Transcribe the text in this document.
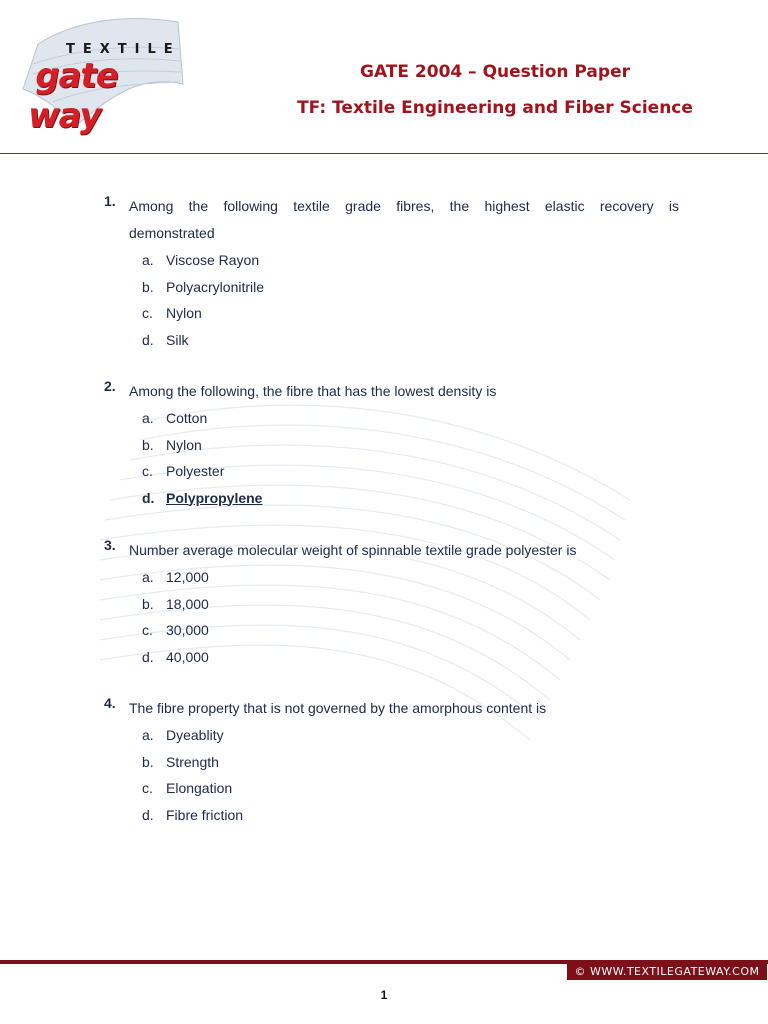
TEXTILE
gate way
GATE 2004 – Question Paper
TF: Textile Engineering and Fiber Science
1. Among the following textile grade fibres, the highest elastic recovery is
demonstrated
a. Viscose Rayon
b. Polyacrylonitrile
c. Nylon
d. Silk
2. Among the following, the fibre that has the lowest density is
a. Cotton
b. Nylon
c. Polyester
d. Polypropylene
3. Number average molecular weight of spinnable textile grade polyester is
a. 12,000
b. 18,000
c. 30,000
d. 40,000
4. The fibre property that is not governed by the amorphous content is
a. Dyeablity
b. Strength
c. Elongation
d. Fibre friction
© WWW.TEXTILEGATEWAY.COM
1
